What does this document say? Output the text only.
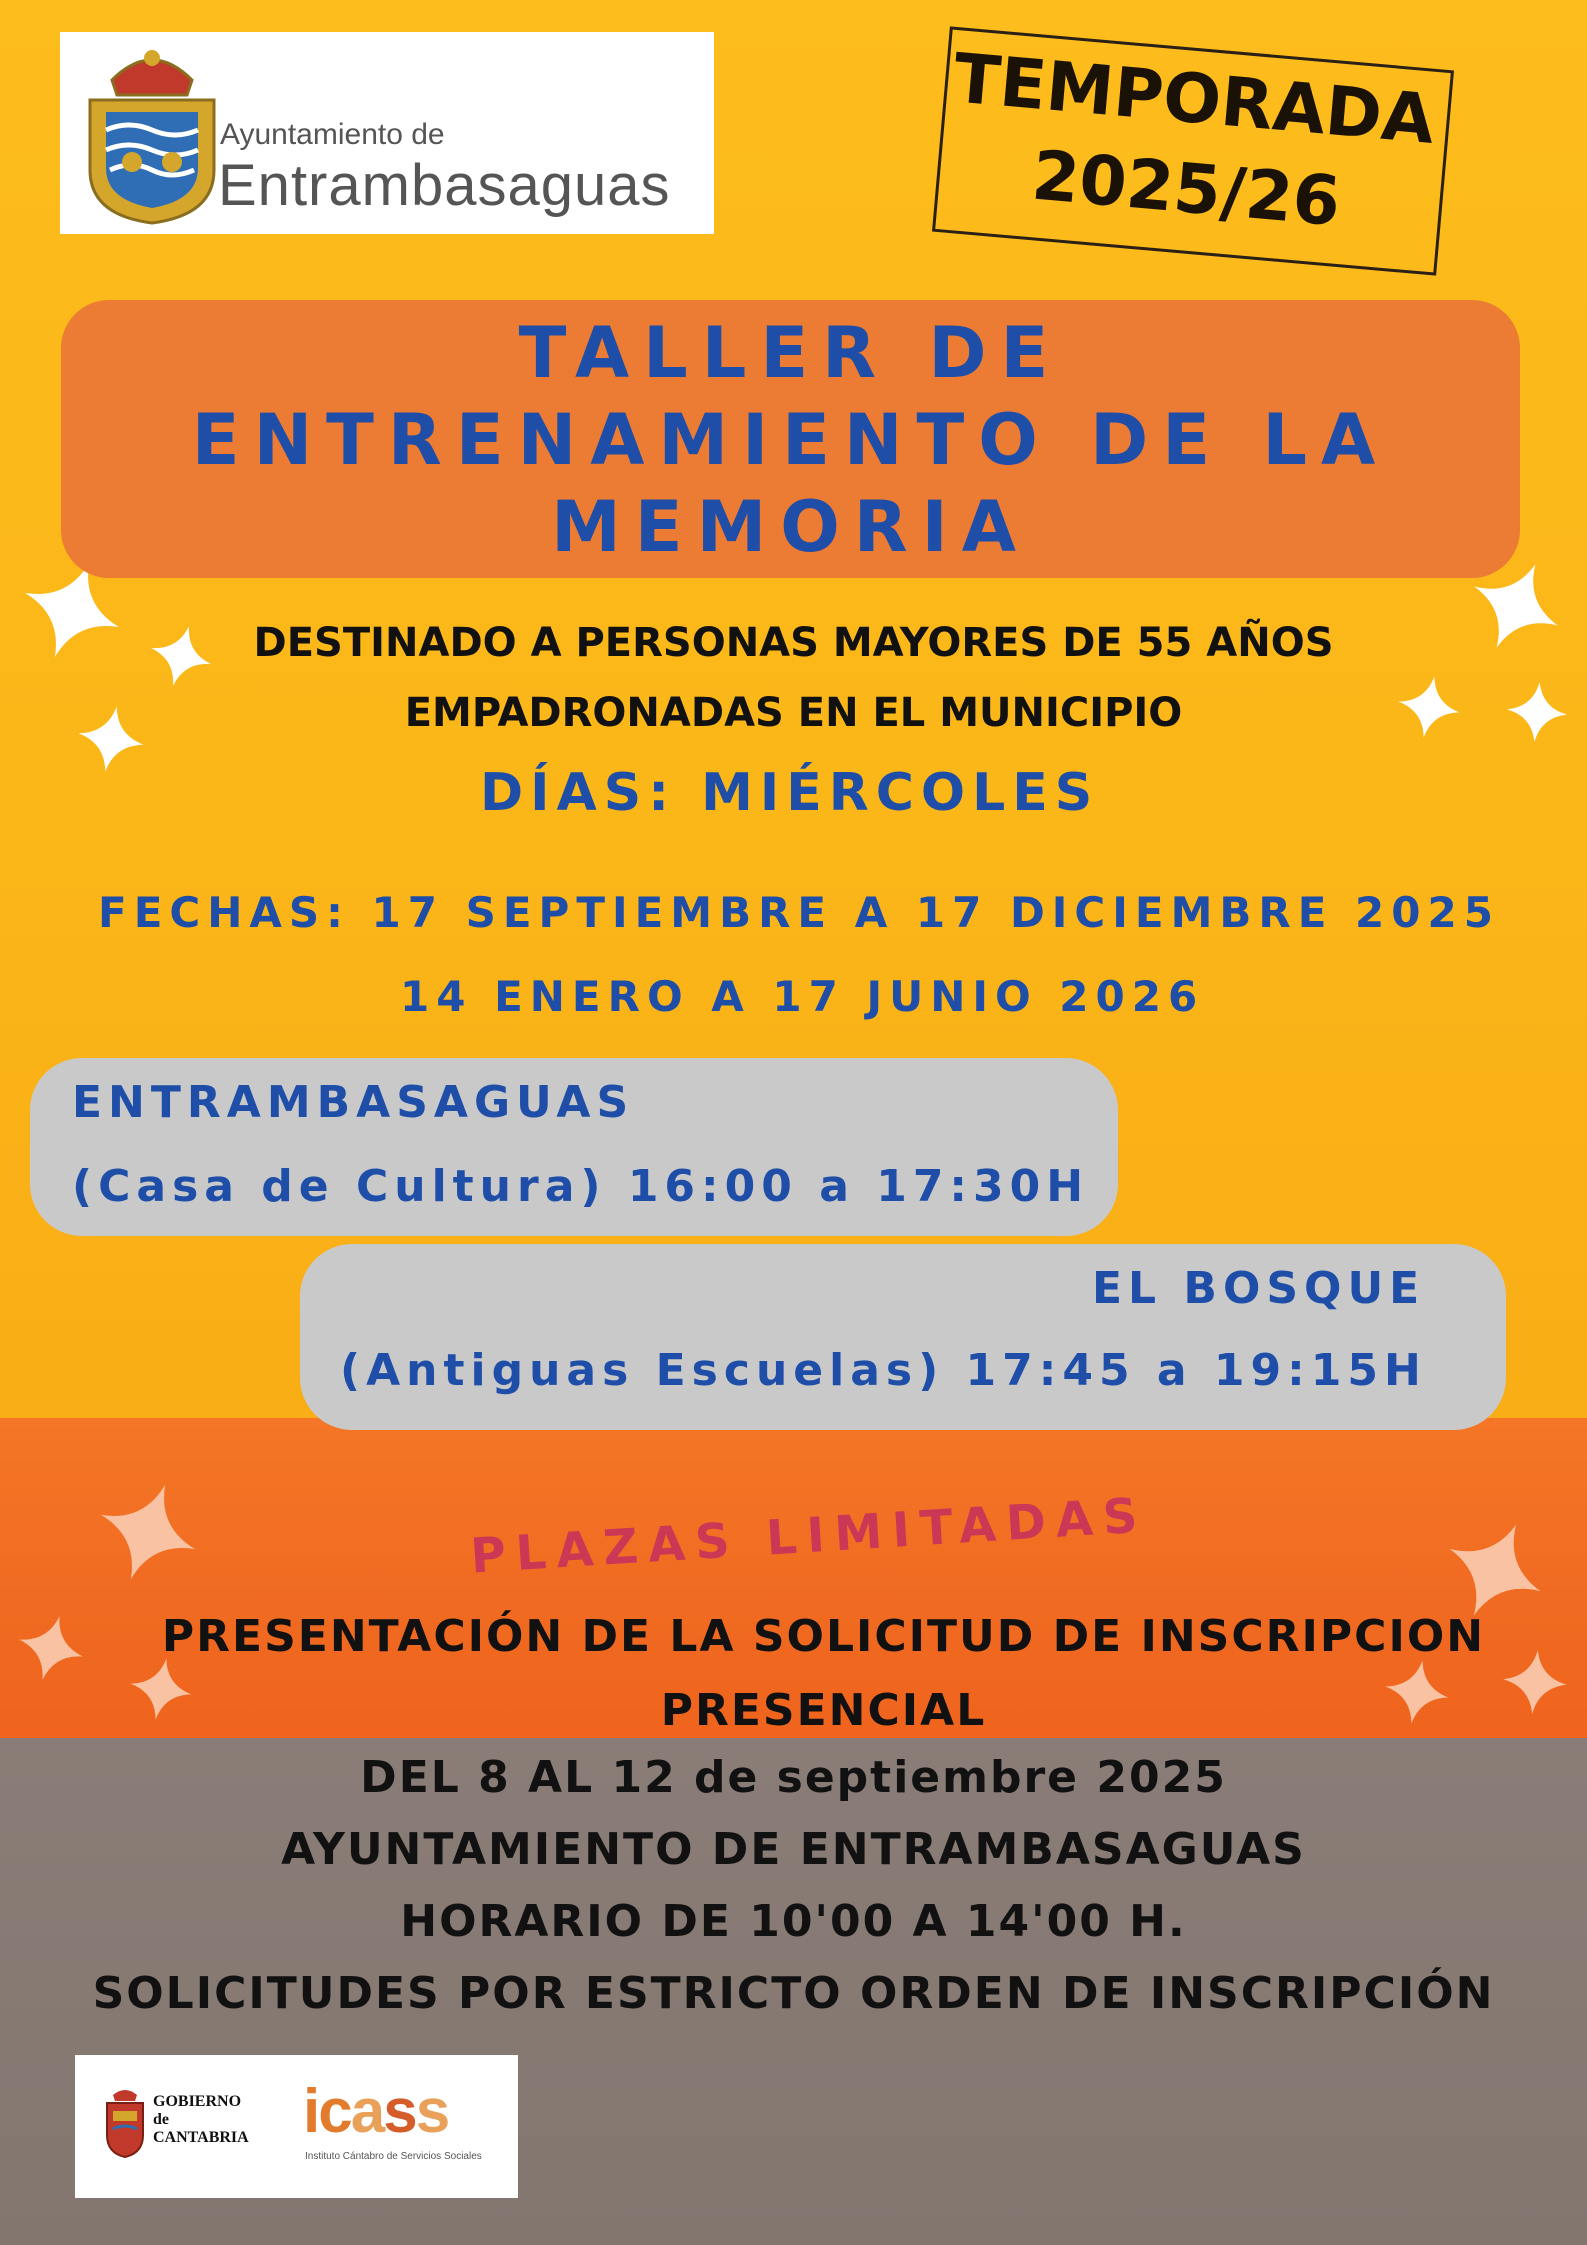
Ayuntamiento de
Entrambasaguas
TEMPORADA
2025/26
TALLER DE
ENTRENAMIENTO DE LA
MEMORIA
DESTINADO A PERSONAS MAYORES DE 55 AÑOS
EMPADRONADAS EN EL MUNICIPIO
DÍAS: MIÉRCOLES
FECHAS: 17 SEPTIEMBRE A 17 DICIEMBRE 2025
14 ENERO A 17 JUNIO 2026
ENTRAMBASAGUAS
(Casa de Cultura) 16:00 a 17:30H
EL BOSQUE
(Antiguas Escuelas) 17:45 a 19:15H
PLAZAS LIMITADAS
PRESENTACIÓN DE LA SOLICITUD DE INSCRIPCION
PRESENCIAL
DEL 8 AL 12 de septiembre 2025
AYUNTAMIENTO DE ENTRAMBASAGUAS
HORARIO DE 10'00 A 14'00 H.
SOLICITUDES POR ESTRICTO ORDEN DE INSCRIPCIÓN
GOBIERNO
de
CANTABRIA icass
Instituto Cántabro de Servicios Sociales
